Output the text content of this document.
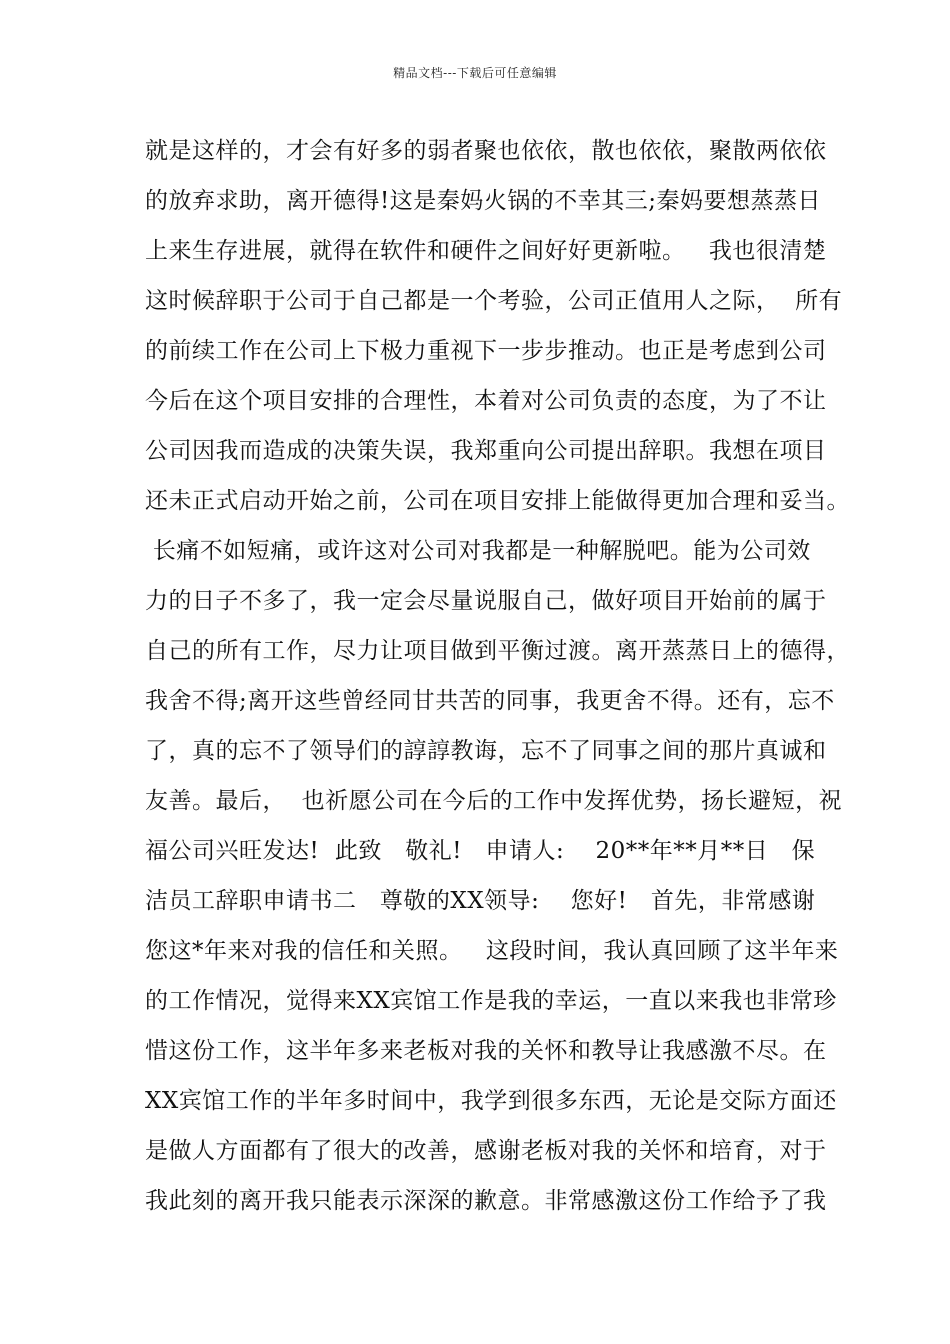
精品文档---下载后可任意编辑
就是这样的，才会有好多的弱者聚也依依，散也依依，聚散两依依
的放弃求助，离开德得!这是秦妈火锅的不幸其三;秦妈要想蒸蒸日
上来生存进展，就得在软件和硬件之间好好更新啦。   我也很清楚
这时候辞职于公司于自己都是一个考验，公司正值用人之际，  所有
的前续工作在公司上下极力重视下一步步推动。也正是考虑到公司
今后在这个项目安排的合理性，本着对公司负责的态度，为了不让
公司因我而造成的决策失误，我郑重向公司提出辞职。我想在项目
还未正式启动开始之前，公司在项目安排上能做得更加合理和妥当。
长痛不如短痛，或许这对公司对我都是一种解脱吧。能为公司效
力的日子不多了，我一定会尽量说服自己，做好项目开始前的属于
自己的所有工作，尽力让项目做到平衡过渡。离开蒸蒸日上的德得，
我舍不得;离开这些曾经同甘共苦的同事，我更舍不得。还有，忘不
了，真的忘不了领导们的諄諄教诲，忘不了同事之间的那片真诚和
友善。最后，  也祈愿公司在今后的工作中发挥优势，扬长避短，祝
福公司兴旺发达!  此致   敬礼!   申请人:    20**年**月**日   保
洁员工辞职申请书二   尊敬的XX领导:    您好!   首先，非常感谢
您这*年来对我的信任和关照。   这段时间，我认真回顾了这半年来
的工作情况，觉得来XX宾馆工作是我的幸运，一直以来我也非常珍
惜这份工作，这半年多来老板对我的关怀和教导让我感激不尽。在
XX宾馆工作的半年多时间中，我学到很多东西，无论是交际方面还
是做人方面都有了很大的改善，感谢老板对我的关怀和培育，对于
我此刻的离开我只能表示深深的歉意。非常感激这份工作给予了我
